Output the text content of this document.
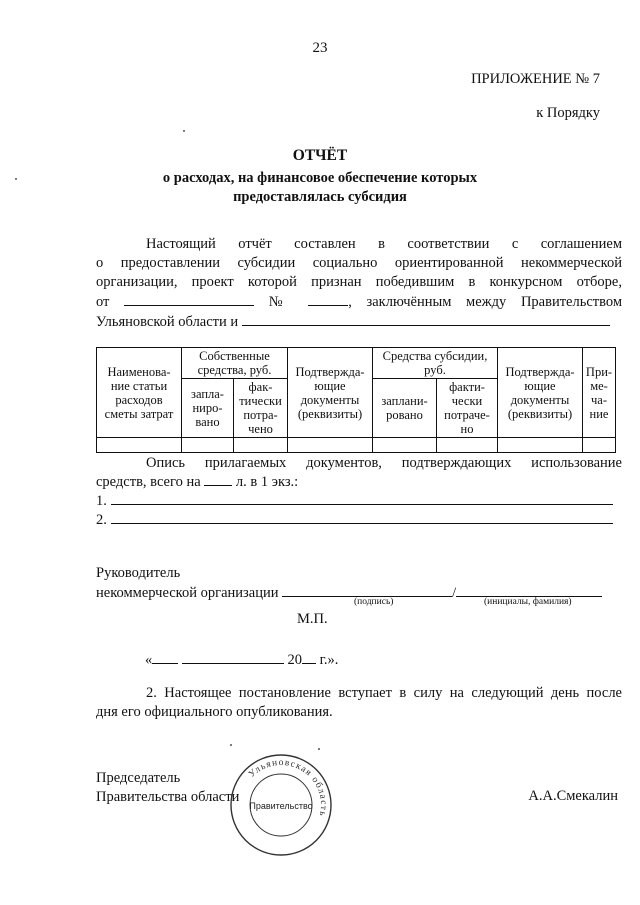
23
ПРИЛОЖЕНИЕ № 7
к Порядку
ОТЧЁТ
о расходах, на финансовое обеспечение которых
предоставлялась субсидия
Настоящий отчёт составлен в соответствии с соглашением
о предоставлении субсидии социально ориентированной некоммерческой
организации, проект которой признан победившим в конкурсном отборе,
от	№	, заключённым между Правительством
Ульяновской области и
Наименова-ние статьи расходов сметы затрат	Собственные средства, руб.		Подтвержда-ющие документы (реквизиты)	Средства субсидии, руб.		Подтвержда-ющие документы (реквизиты)	При-ме-ча-ние
	запла-ниро-вано	фак-тически потра-чено		заплани-ровано	факти-чески потраче-но		

Опись прилагаемых документов, подтверждающих использование
средств, всего на л. в 1 экз.:
1.
2.
Руководитель
некоммерческой организации	/
(подпись)	(инициалы, фамилия)
М.П.
«	20 г.».
2. Настоящее постановление вступает в силу на следующий день после
дня его официального опубликования.
Председатель
Правительства области	А.А.Смекалин
Ульяновская область
Правительство
